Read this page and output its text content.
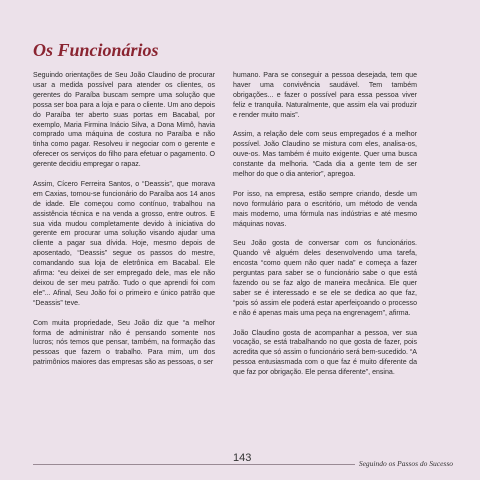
Os Funcionários

Seguindo orientações de Seu João Claudino de procurar usar a medida possível para atender os clientes, os gerentes do Paraíba buscam sempre uma solução que possa ser boa para a loja e para o cliente. Um ano depois do Paraíba ter aberto suas portas em Bacabal, por exemplo, Maria Firmina Inácio Silva, a Dona Mimô, havia comprado uma máquina de costura no Paraíba e não tinha como pagar. Resolveu ir negociar com o gerente e oferecer os serviços do filho para efetuar o pagamento. O gerente decidiu empregar o rapaz.

Assim, Cícero Ferreira Santos, o “Deassis”, que morava em Caxias, tornou-se funcionário do Paraíba aos 14 anos de idade. Ele começou como contínuo, trabalhou na assistência técnica e na venda a grosso, entre outros. E sua vida mudou completamente devido à iniciativa do gerente em procurar uma solução visando ajudar uma cliente a pagar sua dívida. Hoje, mesmo depois de aposentado, “Deassis” segue os passos do mestre, comandando sua loja de eletrônica em Bacabal. Ele afirma: “eu deixei de ser empregado dele, mas ele não deixou de ser meu patrão. Tudo o que aprendi foi com ele”... Afinal, Seu João foi o primeiro e único patrão que “Deassis” teve.

Com muita propriedade, Seu João diz que “a melhor forma de administrar não é pensando somente nos lucros; nós temos que pensar, também, na formação das pessoas que fazem o trabalho. Para mim, um dos patrimônios maiores das empresas são as pessoas, o ser

humano. Para se conseguir a pessoa desejada, tem que haver uma convivência saudável. Tem também obrigações... e fazer o possível para essa pessoa viver feliz e tranquila. Naturalmente, que assim ela vai produzir e render muito mais”.

Assim, a relação dele com seus empregados é a melhor possível. João Claudino se mistura com eles, analisa-os, ouve-os. Mas também é muito exigente. Quer uma busca constante da melhoria. “Cada dia a gente tem de ser melhor do que o dia anterior”, apregoa.

Por isso, na empresa, estão sempre criando, desde um novo formulário para o escritório, um método de venda mais moderno, uma fórmula nas indústrias e até mesmo máquinas novas.

Seu João gosta de conversar com os funcionários. Quando vê alguém deles desenvolvendo uma tarefa, encosta “como quem não quer nada” e começa a fazer perguntas para saber se o funcionário sabe o que está fazendo ou se faz algo de maneira mecânica. Ele quer saber se é interessado e se ele se dedica ao que faz, “pois só assim ele poderá estar aperfeiçoando o processo e não é apenas mais uma peça na engrenagem”, afirma.

João Claudino gosta de acompanhar a pessoa, ver sua vocação, se está trabalhando no que gosta de fazer, pois acredita que só assim o funcionário será bem-sucedido. “A pessoa entusiasmada com o que faz é muito diferente da que faz por obrigação. Ele pensa diferente”, ensina.

143	Seguindo os Passos do Sucesso
